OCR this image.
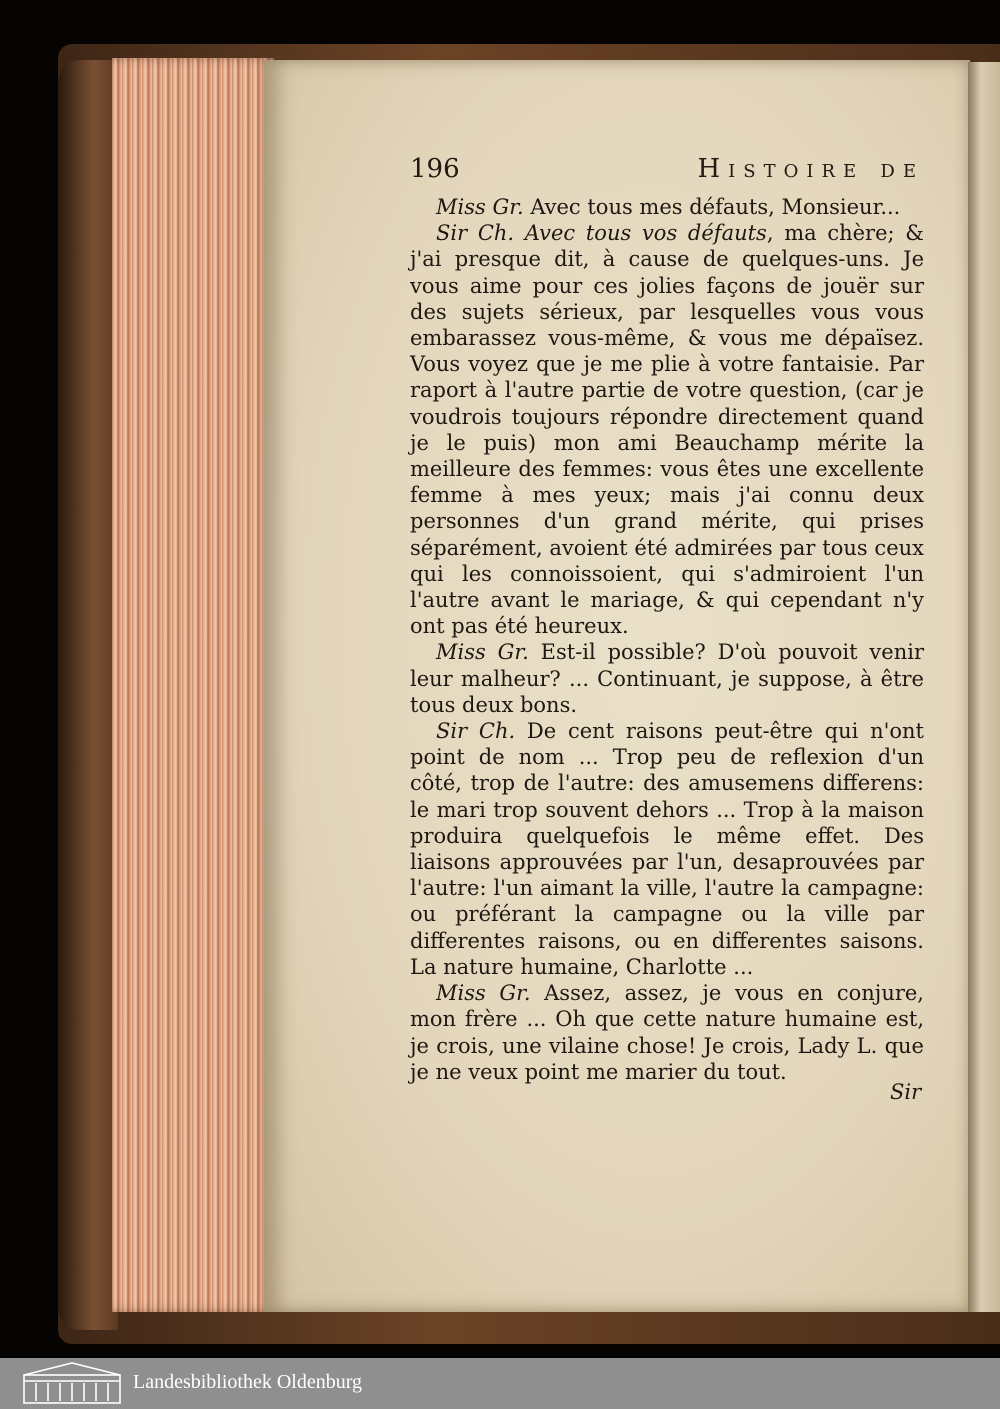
196	Histoire de

Miss Gr. Avec tous mes défauts, Monsieur...

Sir Ch. Avec tous vos défauts, ma chère; & j'ai presque dit, à cause de quelques-uns. Je vous aime pour ces jolies façons de jouër sur des sujets sérieux, par lesquelles vous vous embarassez vous-même, & vous me dépaïsez. Vous voyez que je me plie à votre fantaisie. Par raport à l'autre partie de votre question, (car je voudrois toujours répondre directement quand je le puis) mon ami Beauchamp mérite la meilleure des femmes: vous êtes une excellente femme à mes yeux; mais j'ai connu deux personnes d'un grand mérite, qui prises séparément, avoient été admirées par tous ceux qui les connoissoient, qui s'admiroient l'un l'autre avant le mariage, & qui cependant n'y ont pas été heureux.

Miss Gr. Est-il possible? D'où pouvoit venir leur malheur? ... Continuant, je suppose, à être tous deux bons.

Sir Ch. De cent raisons peut-être qui n'ont point de nom ... Trop peu de reflexion d'un côté, trop de l'autre: des amusemens differens: le mari trop souvent dehors ... Trop à la maison produira quelquefois le même effet. Des liaisons approuvées par l'un, desaprouvées par l'autre: l'un aimant la ville, l'autre la campagne: ou préférant la campagne ou la ville par differentes raisons, ou en differentes saisons. La nature humaine, Charlotte ...

Miss Gr. Assez, assez, je vous en conjure, mon frère ... Oh que cette nature humaine est, je crois, une vilaine chose! Je crois, Lady L. que je ne veux point me marier du tout.

Sir
Landesbibliothek Oldenburg
